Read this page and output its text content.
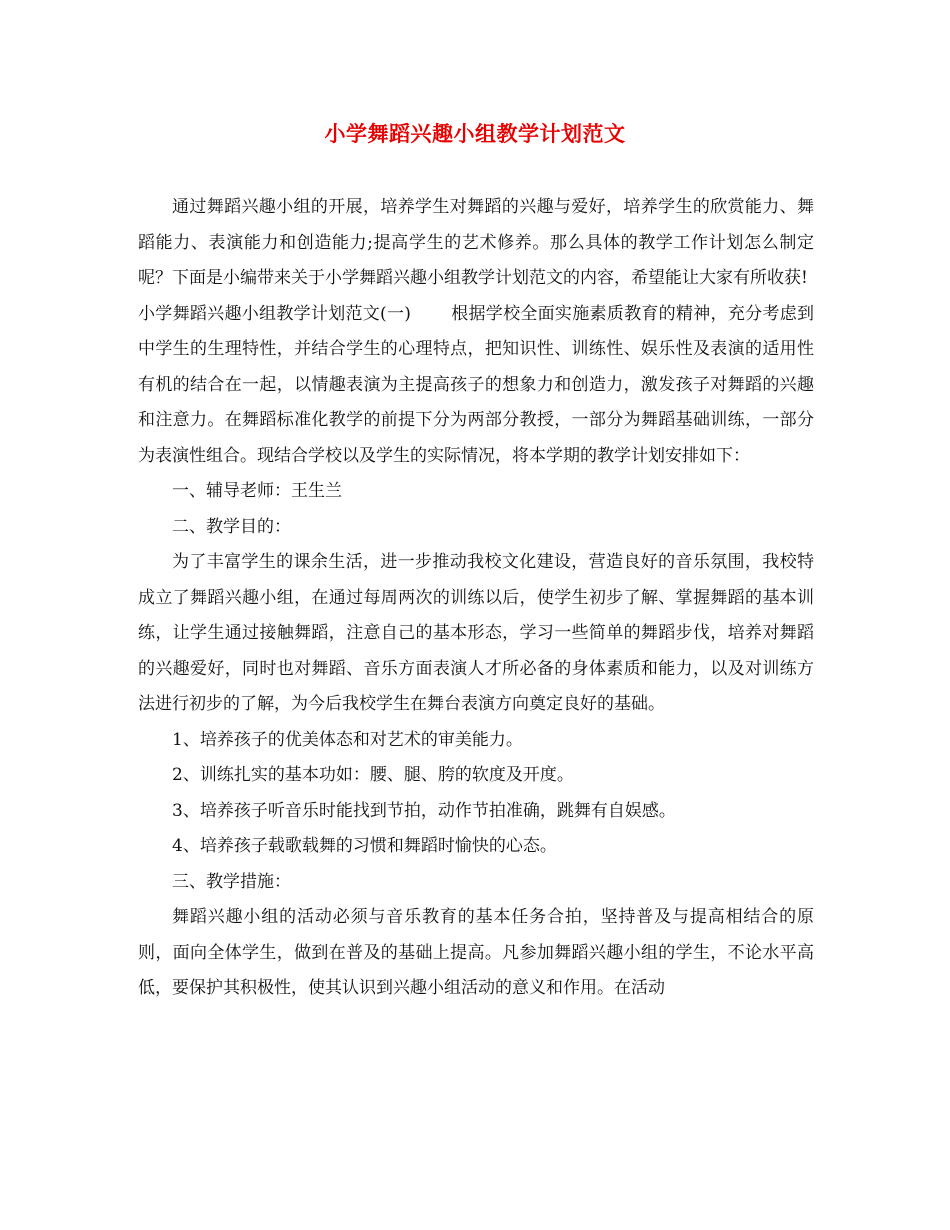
小学舞蹈兴趣小组教学计划范文

通过舞蹈兴趣小组的开展，培养学生对舞蹈的兴趣与爱好，培养学生的欣赏能力、舞蹈能力、表演能力和创造能力;提高学生的艺术修养。那么具体的教学工作计划怎么制定呢？下面是小编带来关于小学舞蹈兴趣小组教学计划范文的内容，希望能让大家有所收获!

小学舞蹈兴趣小组教学计划范文(一) 根据学校全面实施素质教育的精神，充分考虑到中学生的生理特性，并结合学生的心理特点，把知识性、训练性、娱乐性及表演的适用性有机的结合在一起，以情趣表演为主提高孩子的想象力和创造力，激发孩子对舞蹈的兴趣和注意力。在舞蹈标准化教学的前提下分为两部分教授，一部分为舞蹈基础训练，一部分为表演性组合。现结合学校以及学生的实际情况，将本学期的教学计划安排如下：

一、辅导老师：王生兰

二、教学目的：

为了丰富学生的课余生活，进一步推动我校文化建设，营造良好的音乐氛围，我校特成立了舞蹈兴趣小组，在通过每周两次的训练以后，使学生初步了解、掌握舞蹈的基本训练，让学生通过接触舞蹈，注意自己的基本形态，学习一些简单的舞蹈步伐，培养对舞蹈的兴趣爱好，同时也对舞蹈、音乐方面表演人才所必备的身体素质和能力，以及对训练方法进行初步的了解，为今后我校学生在舞台表演方向奠定良好的基础。

1、培养孩子的优美体态和对艺术的审美能力。

2、训练扎实的基本功如：腰、腿、胯的软度及开度。

3、培养孩子听音乐时能找到节拍，动作节拍准确，跳舞有自娱感。

4、培养孩子载歌载舞的习惯和舞蹈时愉快的心态。

三、教学措施：

舞蹈兴趣小组的活动必须与音乐教育的基本任务合拍，坚持普及与提高相结合的原则，面向全体学生，做到在普及的基础上提高。凡参加舞蹈兴趣小组的学生，不论水平高低，要保护其积极性，使其认识到兴趣小组活动的意义和作用。在活动
